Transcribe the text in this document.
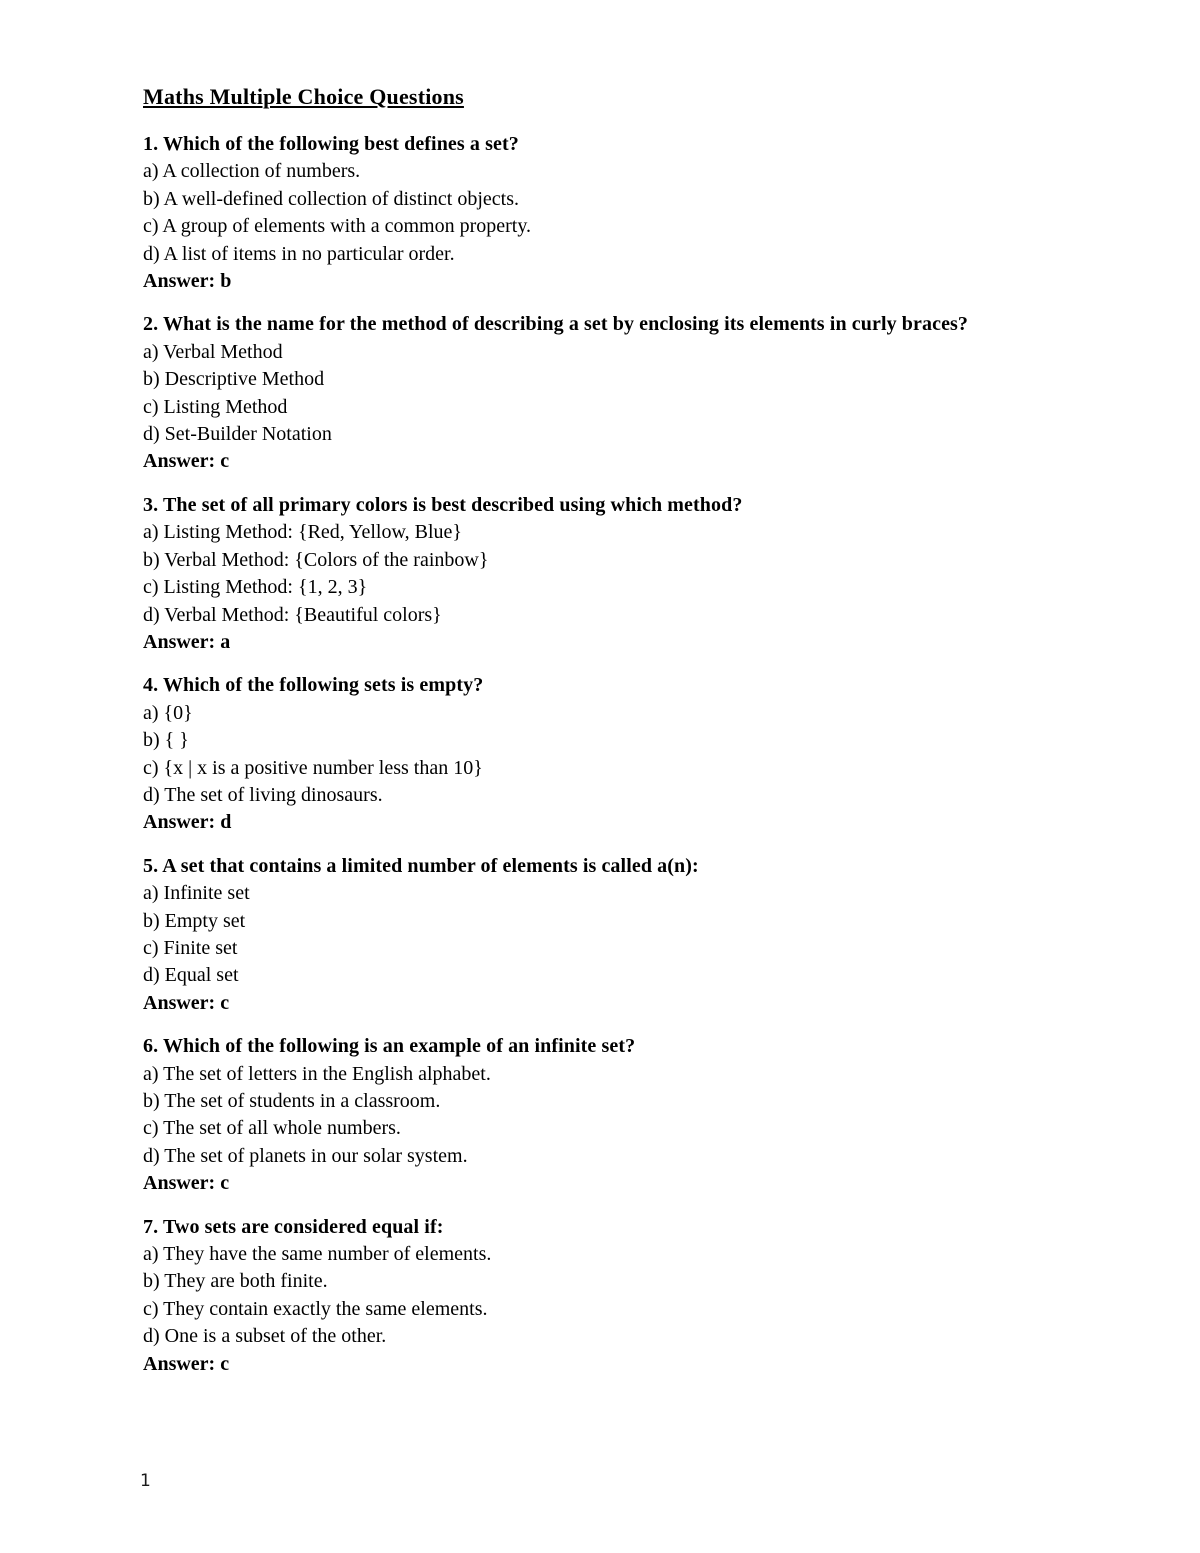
Maths Multiple Choice Questions
1. Which of the following best defines a set?
a) A collection of numbers.
b) A well-defined collection of distinct objects.
c) A group of elements with a common property.
d) A list of items in no particular order.
Answer: b
2. What is the name for the method of describing a set by enclosing its elements in curly braces?
a) Verbal Method
b) Descriptive Method
c) Listing Method
d) Set-Builder Notation
Answer: c
3. The set of all primary colors is best described using which method?
a) Listing Method: {Red, Yellow, Blue}
b) Verbal Method: {Colors of the rainbow}
c) Listing Method: {1, 2, 3}
d) Verbal Method: {Beautiful colors}
Answer: a
4. Which of the following sets is empty?
a) {0}
b) { }
c) {x | x is a positive number less than 10}
d) The set of living dinosaurs.
Answer: d
5. A set that contains a limited number of elements is called a(n):
a) Infinite set
b) Empty set
c) Finite set
d) Equal set
Answer: c
6. Which of the following is an example of an infinite set?
a) The set of letters in the English alphabet.
b) The set of students in a classroom.
c) The set of all whole numbers.
d) The set of planets in our solar system.
Answer: c
7. Two sets are considered equal if:
a) They have the same number of elements.
b) They are both finite.
c) They contain exactly the same elements.
d) One is a subset of the other.
Answer: c
1
